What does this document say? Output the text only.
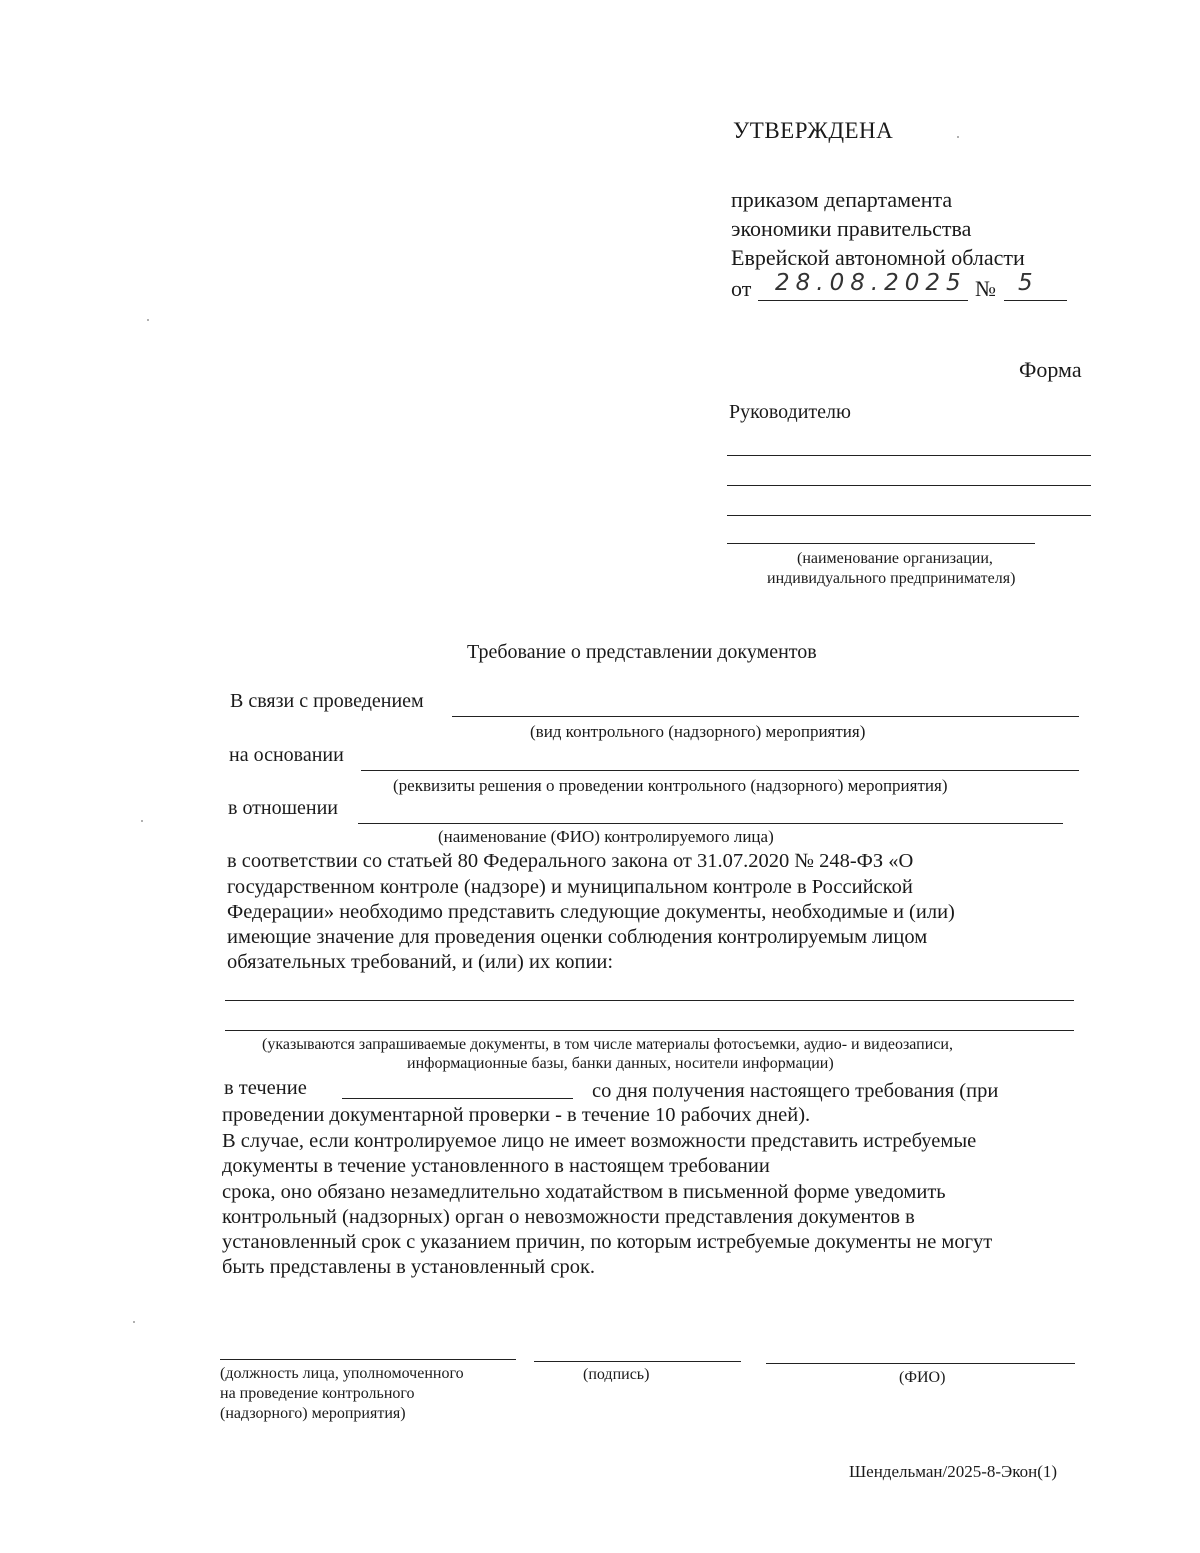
УТВЕРЖДЕНА
приказом департамента
экономики правительства
Еврейской автономной области
от 28.08.2025 № 5
Форма
Руководителю
(наименование организации,
индивидуального предпринимателя)
Требование о представлении документов
В связи с проведением
(вид контрольного (надзорного) мероприятия)
на основании
(реквизиты решения о проведении контрольного (надзорного) мероприятия)
в отношении
(наименование (ФИО) контролируемого лица)
в соответствии со статьей 80 Федерального закона от 31.07.2020 № 248-ФЗ «О
государственном контроле (надзоре) и муниципальном контроле в Российской
Федерации» необходимо представить следующие документы, необходимые и (или)
имеющие значение для проведения оценки соблюдения контролируемым лицом
обязательных требований, и (или) их копии:
(указываются запрашиваемые документы, в том числе материалы фотосъемки, аудио- и видеозаписи,
информационные базы, банки данных, носители информации)
в течение	со дня получения настоящего требования (при
проведении документарной проверки - в течение 10 рабочих дней).
В случае, если контролируемое лицо не имеет возможности представить истребуемые
документы в течение установленного в настоящем требовании
срока, оно обязано незамедлительно ходатайством в письменной форме уведомить
контрольный (надзорных) орган о невозможности представления документов в
установленный срок с указанием причин, по которым истребуемые документы не могут
быть представлены в установленный срок.
(должность лица, уполномоченного
на проведение контрольного
(надзорного) мероприятия)
(подпись)	(ФИО)
Шендельман/2025-8-Экон(1)
